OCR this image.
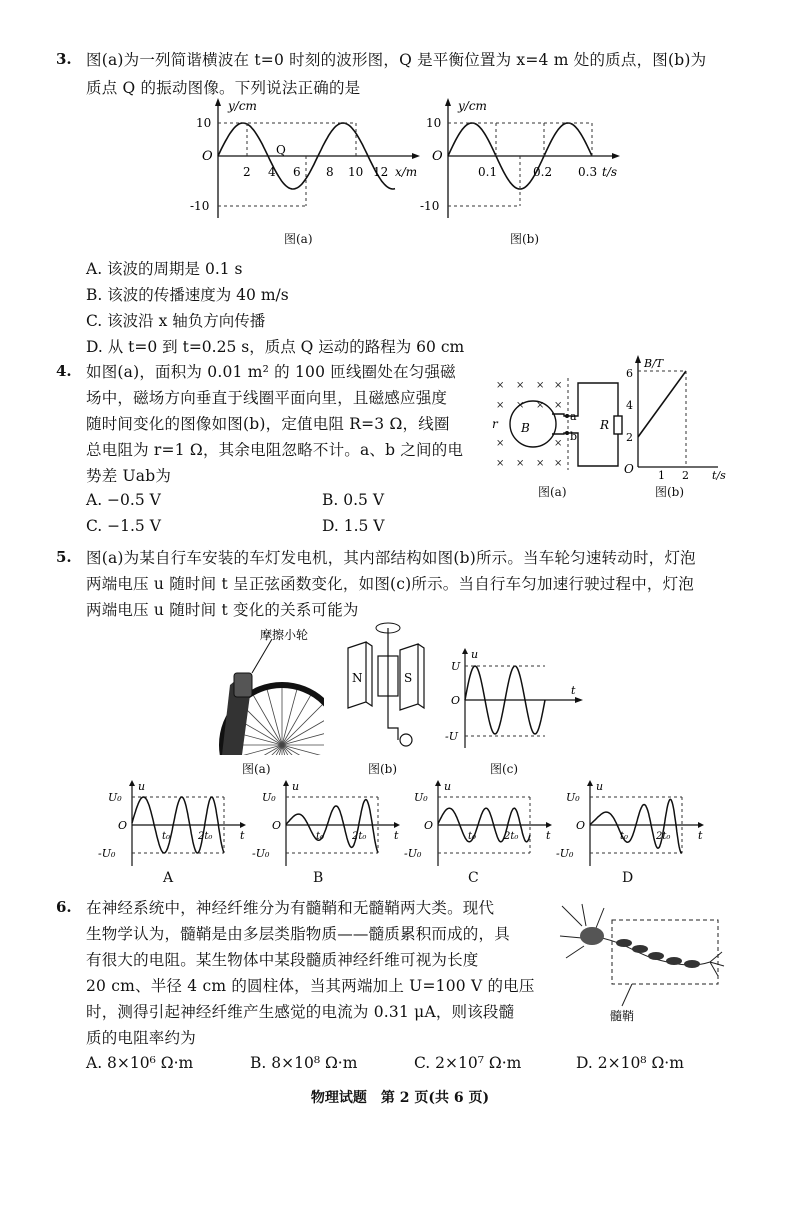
3. 图(a)为一列简谐横波在 t=0 时刻的波形图，Q 是平衡位置为 x=4 m 处的质点，图(b)为
质点 Q 的振动图像。下列说法正确的是
y/cm
O
10
-10
Q
2 4 6 8 10 12 x/m
图(a)
y/cm
O
10
-10
0.1	0.2 0.3 t/s
图(b)
A. 该波的周期是 0.1 s
B. 该波的传播速度为 40 m/s
C. 该波沿 x 轴负方向传播
D. 从 t=0 到 t=0.25 s，质点 Q 运动的路程为 60 cm
4. 如图(a)，面积为 0.01 m² 的 100 匝线圈处在匀强磁
场中，磁场方向垂直于线圈平面向里，且磁感应强度
随时间变化的图像如图(b)，定值电阻 R=3 Ω，线圈
总电阻为 r=1 Ω，其余电阻忽略不计。a、b 之间的电
势差 Uab为
A. −0.5 V	B. 0.5 V
C. −1.5 V	D. 1.5 V
× × × ×
×	×
×	×
× × × ×
× ×
r B
a
b
R
图(a)
B/T
2
4
6
O 1 2 t/s
图(b)
5. 图(a)为某自行车安装的车灯发电机，其内部结构如图(b)所示。当车轮匀速转动时，灯泡
两端电压 u 随时间 t 呈正弦函数变化，如图(c)所示。当自行车匀加速行驶过程中，灯泡
两端电压 u 随时间 t 变化的关系可能为
摩擦小轮
图(a)
N	S
图(b)
u
U
O
-U
t
图(c)
u
U₀
O
-U₀
t₀	2t₀	t
u
U₀
O
-U₀
t₀	2t₀	t
u
U₀
O
-U₀
t₀	2t₀	t
u
U₀
O
-U₀
t₀	2t₀	t
A	B	C	D
6. 在神经系统中，神经纤维分为有髓鞘和无髓鞘两大类。现代
生物学认为，髓鞘是由多层类脂物质——髓质累积而成的，具
有很大的电阻。某生物体中某段髓质神经纤维可视为长度
20 cm、半径 4 cm 的圆柱体，当其两端加上 U=100 V 的电压
时，测得引起神经纤维产生感觉的电流为 0.31 μA，则该段髓
质的电阻率约为
髓鞘
A. 8×10⁶ Ω·m	B. 8×10⁸ Ω·m	C. 2×10⁷ Ω·m	D. 2×10⁸ Ω·m
物理试题　第 2 页(共 6 页)
